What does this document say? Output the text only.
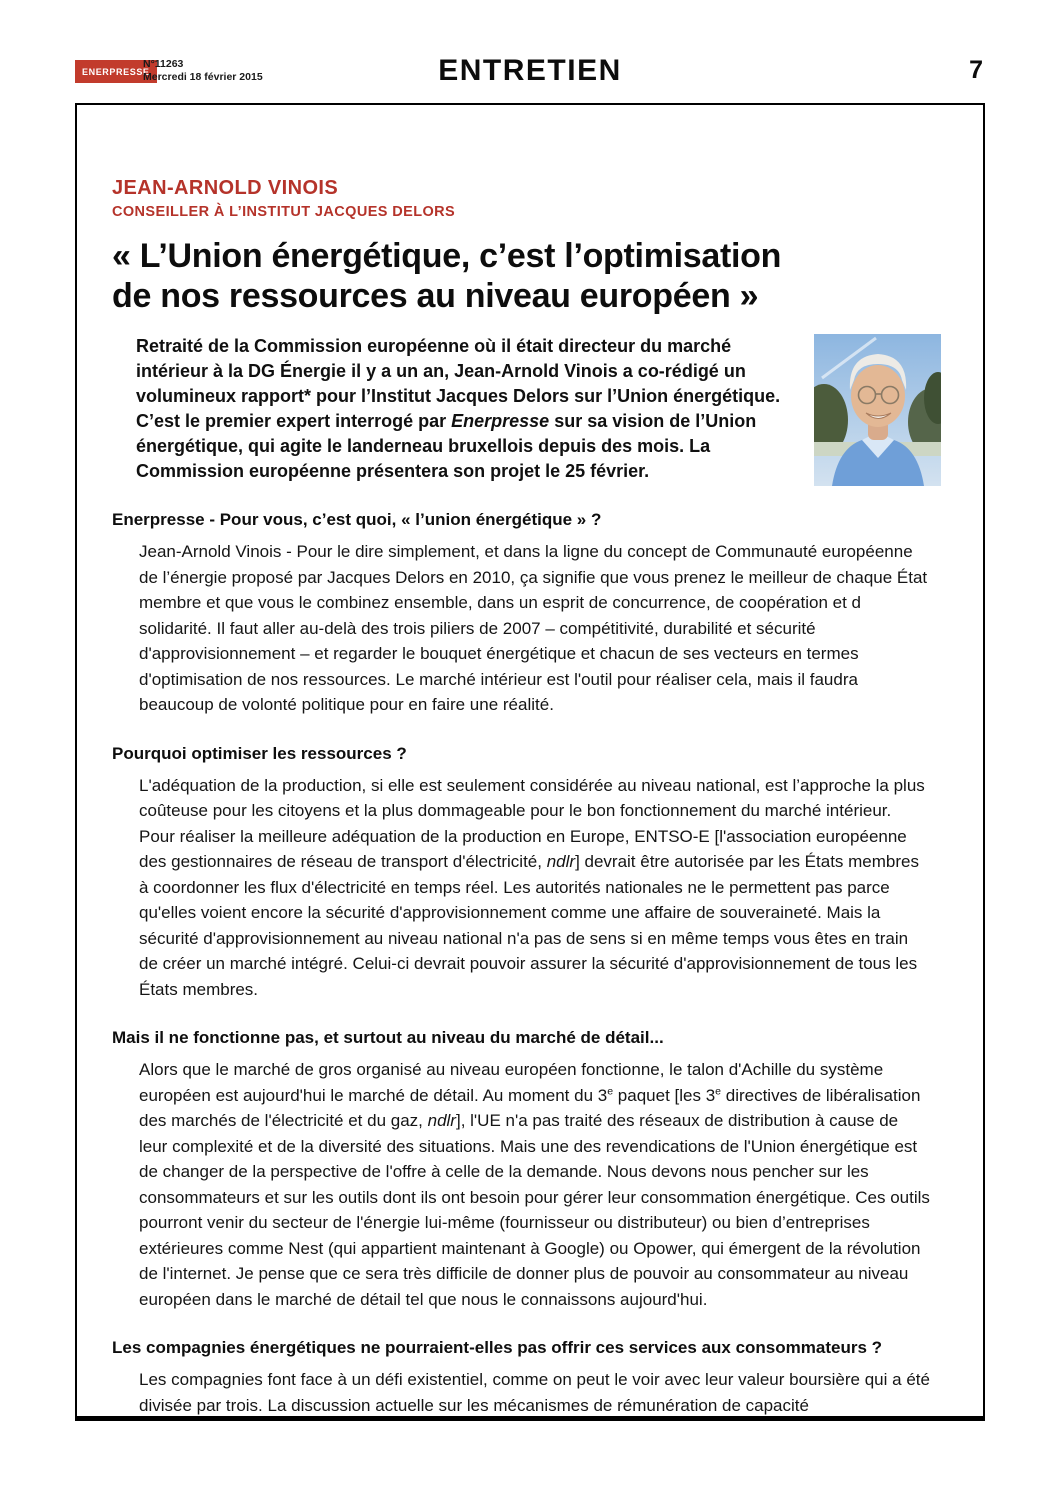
ENERPRESSE
N°11263
Mercredi 18 février 2015	ENTRETIEN	7
JEAN-ARNOLD VINOIS
CONSEILLER À L’INSTITUT JACQUES DELORS
« L’Union énergétique, c’est l’optimisation
de nos ressources au niveau européen »

Retraité de la Commission européenne où il était directeur du marché intérieur à la DG Énergie il y a un an, Jean-Arnold Vinois a co-rédigé un volumineux rapport* pour l’Institut Jacques Delors sur l’Union énergétique. C’est le premier expert interrogé par Enerpresse sur sa vision de l’Union énergétique, qui agite le landerneau bruxellois depuis des mois. La Commission européenne présentera son projet le 25 février.

Enerpresse - Pour vous, c’est quoi, « l’union énergétique » ?

Jean-Arnold Vinois - Pour le dire simplement, et dans la ligne du concept de Communauté européenne de l’énergie proposé par Jacques Delors en 2010, ça signifie que vous prenez le meilleur de chaque État membre et que vous le combinez ensemble, dans un esprit de concurrence, de coopération et d solidarité. Il faut aller au-delà des trois piliers de 2007 – compétitivité, durabilité et sécurité d'approvisionnement – et regarder le bouquet énergétique et chacun de ses vecteurs en termes d'optimisation de nos ressources. Le marché intérieur est l'outil pour réaliser cela, mais il faudra beaucoup de volonté politique pour en faire une réalité.

Pourquoi optimiser les ressources ?

L'adéquation de la production, si elle est seulement considérée au niveau national, est l’approche la plus coûteuse pour les citoyens et la plus dommageable pour le bon fonctionnement du marché intérieur. Pour réaliser la meilleure adéquation de la production en Europe, ENTSO-E [l'association européenne des gestionnaires de réseau de transport d'électricité, ndlr] devrait être autorisée par les États membres à coordonner les flux d'électricité en temps réel. Les autorités nationales ne le permettent pas parce qu'elles voient encore la sécurité d'approvisionnement comme une affaire de souveraineté. Mais la sécurité d'approvisionnement au niveau national n'a pas de sens si en même temps vous êtes en train de créer un marché intégré. Celui-ci devrait pouvoir assurer la sécurité d'approvisionnement de tous les États membres.

Mais il ne fonctionne pas, et surtout au niveau du marché de détail...

Alors que le marché de gros organisé au niveau européen fonctionne, le talon d'Achille du système européen est aujourd'hui le marché de détail. Au moment du 3e paquet [les 3e directives de libéralisation des marchés de l'électricité et du gaz, ndlr], l'UE n'a pas traité des réseaux de distribution à cause de leur complexité et de la diversité des situations. Mais une des revendications de l'Union énergétique est de changer de la perspective de l'offre à celle de la demande. Nous devons nous pencher sur les consommateurs et sur les outils dont ils ont besoin pour gérer leur consommation énergétique. Ces outils pourront venir du secteur de l'énergie lui-même (fournisseur ou distributeur) ou bien d’entreprises extérieures comme Nest (qui appartient maintenant à Google) ou Opower, qui émergent de la révolution de l'internet. Je pense que ce sera très difficile de donner plus de pouvoir au consommateur au niveau européen dans le marché de détail tel que nous le connaissons aujourd'hui.

Les compagnies énergétiques ne pourraient-elles pas offrir ces services aux consommateurs ?

Les compagnies font face à un défi existentiel, comme on peut le voir avec leur valeur boursière qui a été divisée par trois. La discussion actuelle sur les mécanismes de rémunération de capacité
